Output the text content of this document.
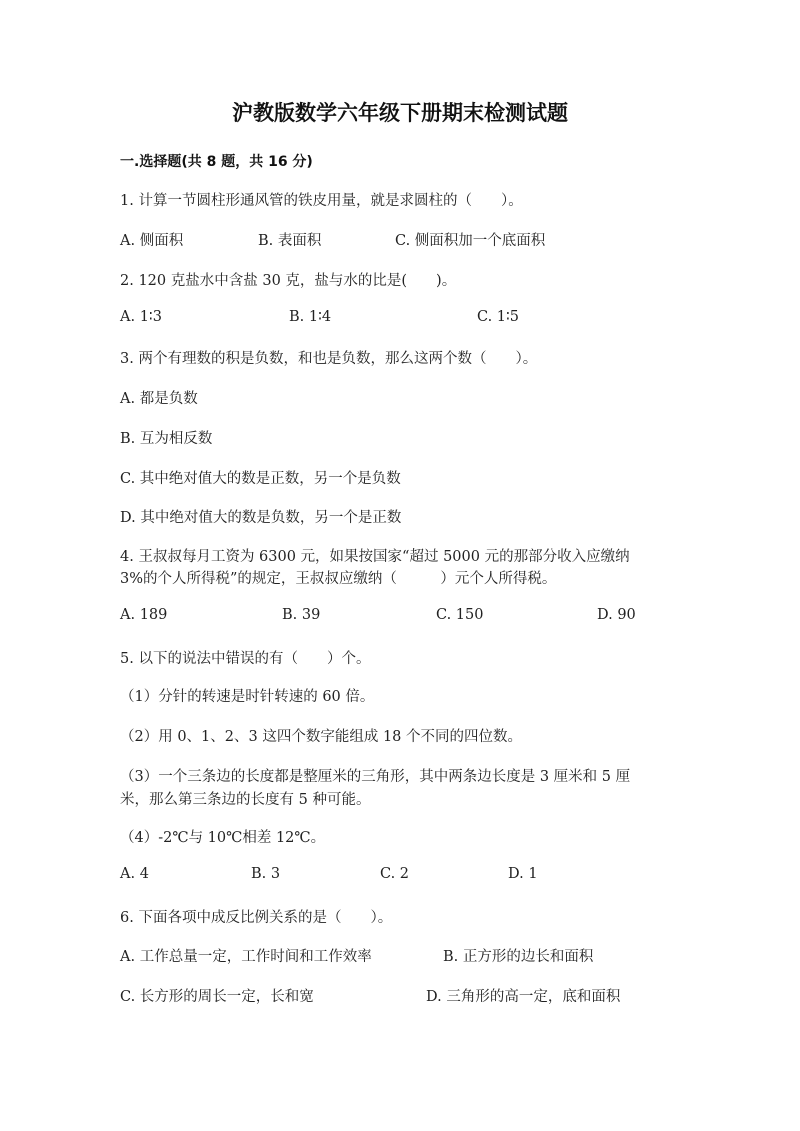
沪教版数学六年级下册期末检测试题
一.选择题(共 8 题，共 16 分)
1. 计算一节圆柱形通风管的铁皮用量，就是求圆柱的（　　）。
A. 侧面积	B. 表面积	C. 侧面积加一个底面积
2. 120 克盐水中含盐 30 克，盐与水的比是(　　)。
A. 1∶3	B. 1∶4	C. 1∶5
3. 两个有理数的积是负数，和也是负数，那么这两个数（　　）。
A. 都是负数
B. 互为相反数
C. 其中绝对值大的数是正数，另一个是负数
D. 其中绝对值大的数是负数，另一个是正数
4. 王叔叔每月工资为 6300 元，如果按国家“超过 5000 元的那部分收入应缴纳
3%的个人所得税”的规定，王叔叔应缴纳（　　　）元个人所得税。
A. 189	B. 39	C. 150	D. 90
5. 以下的说法中错误的有（　　）个。
（1）分针的转速是时针转速的 60 倍。
（2）用 0、1、2、3 这四个数字能组成 18 个不同的四位数。
（3）一个三条边的长度都是整厘米的三角形，其中两条边长度是 3 厘米和 5 厘
米，那么第三条边的长度有 5 种可能。
（4）-2℃与 10℃相差 12℃。
A. 4	B. 3	C. 2	D. 1
6. 下面各项中成反比例关系的是（　　）。
A. 工作总量一定，工作时间和工作效率	B. 正方形的边长和面积
C. 长方形的周长一定，长和宽	D. 三角形的高一定，底和面积
